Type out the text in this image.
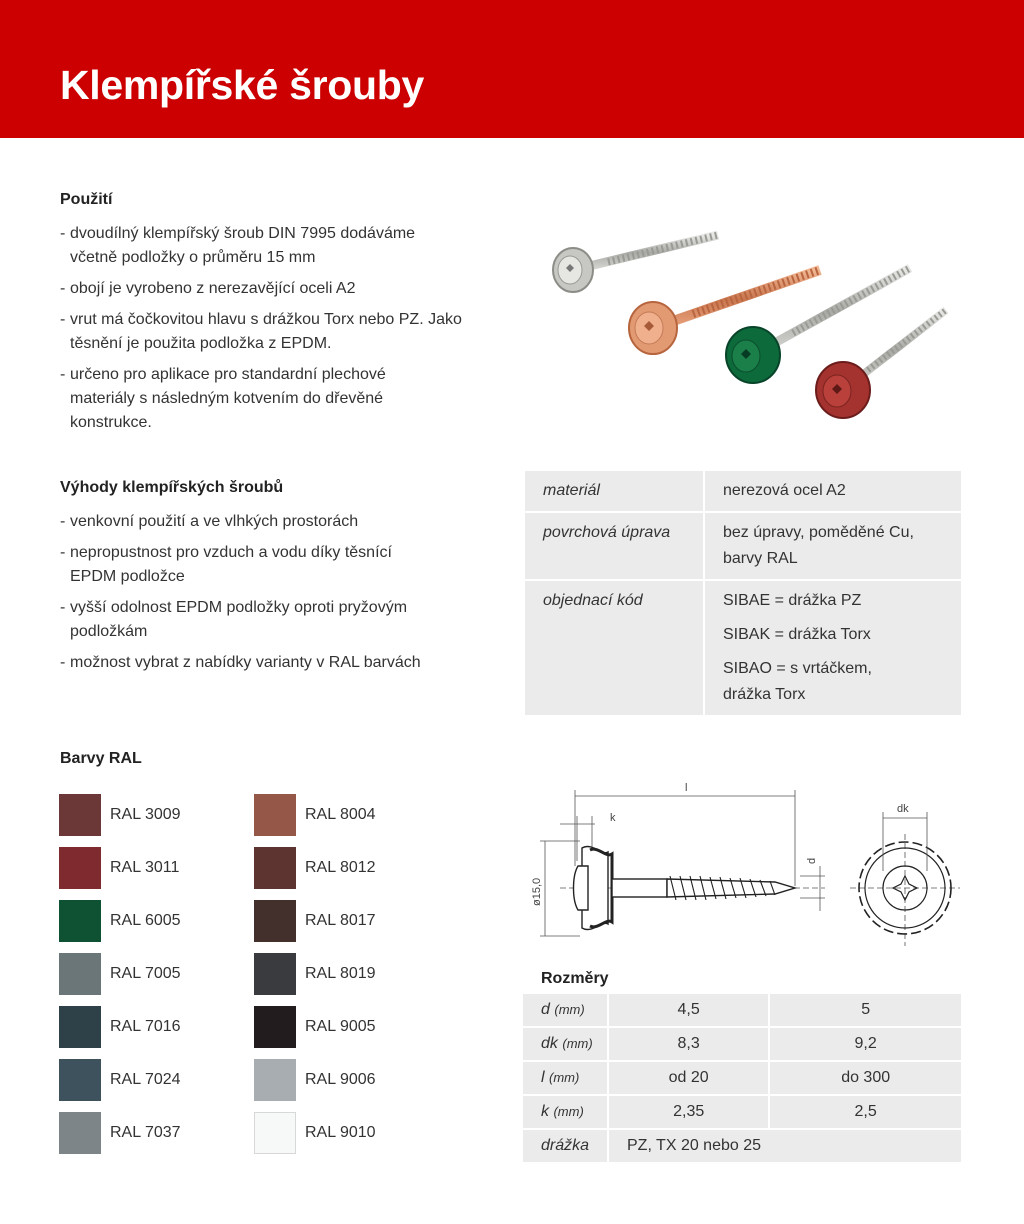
Klempířské šrouby
Použití
- dvoudílný klempířský šroub DIN 7995 dodáváme včetně podložky o průměru 15 mm
- obojí je vyrobeno z nerezavějící oceli A2
- vrut má čočkovitou hlavu s drážkou Torx nebo PZ. Jako těsnění je použita podložka z EPDM.
- určeno pro aplikace pro standardní plechové materiály s následným kotvením do dřevěné konstrukce.
Výhody klempířských šroubů
- venkovní použití a ve vlhkých prostorách
- nepropustnost pro vzduch a vodu díky těsnící EPDM podložce
- vyšší odolnost EPDM podložky oproti pryžovým podložkám
- možnost vybrat z nabídky varianty v RAL barvách
materiál	nerezová ocel A2
povrchová úprava	bez úpravy, poměděné Cu, barvy RAL

objednací kód	SIBAE = drážka PZ
SIBAK = drážka Torx
SIBAO = s vrtáčkem, drážka Torx
Barvy RAL
RAL 3009
RAL 3011
RAL 6005
RAL 7005
RAL 7016
RAL 7024
RAL 7037
RAL 8004
RAL 8012
RAL 8017
RAL 8019
RAL 9005
RAL 9006
RAL 9010
l
k
d
dk
ø15,0
Rozměry
d (mm)	4,5	5
dk (mm)	8,3	9,2
l (mm)	od 20	do 300
k (mm)	2,35	2,5
drážka	PZ, TX 20 nebo 25	
